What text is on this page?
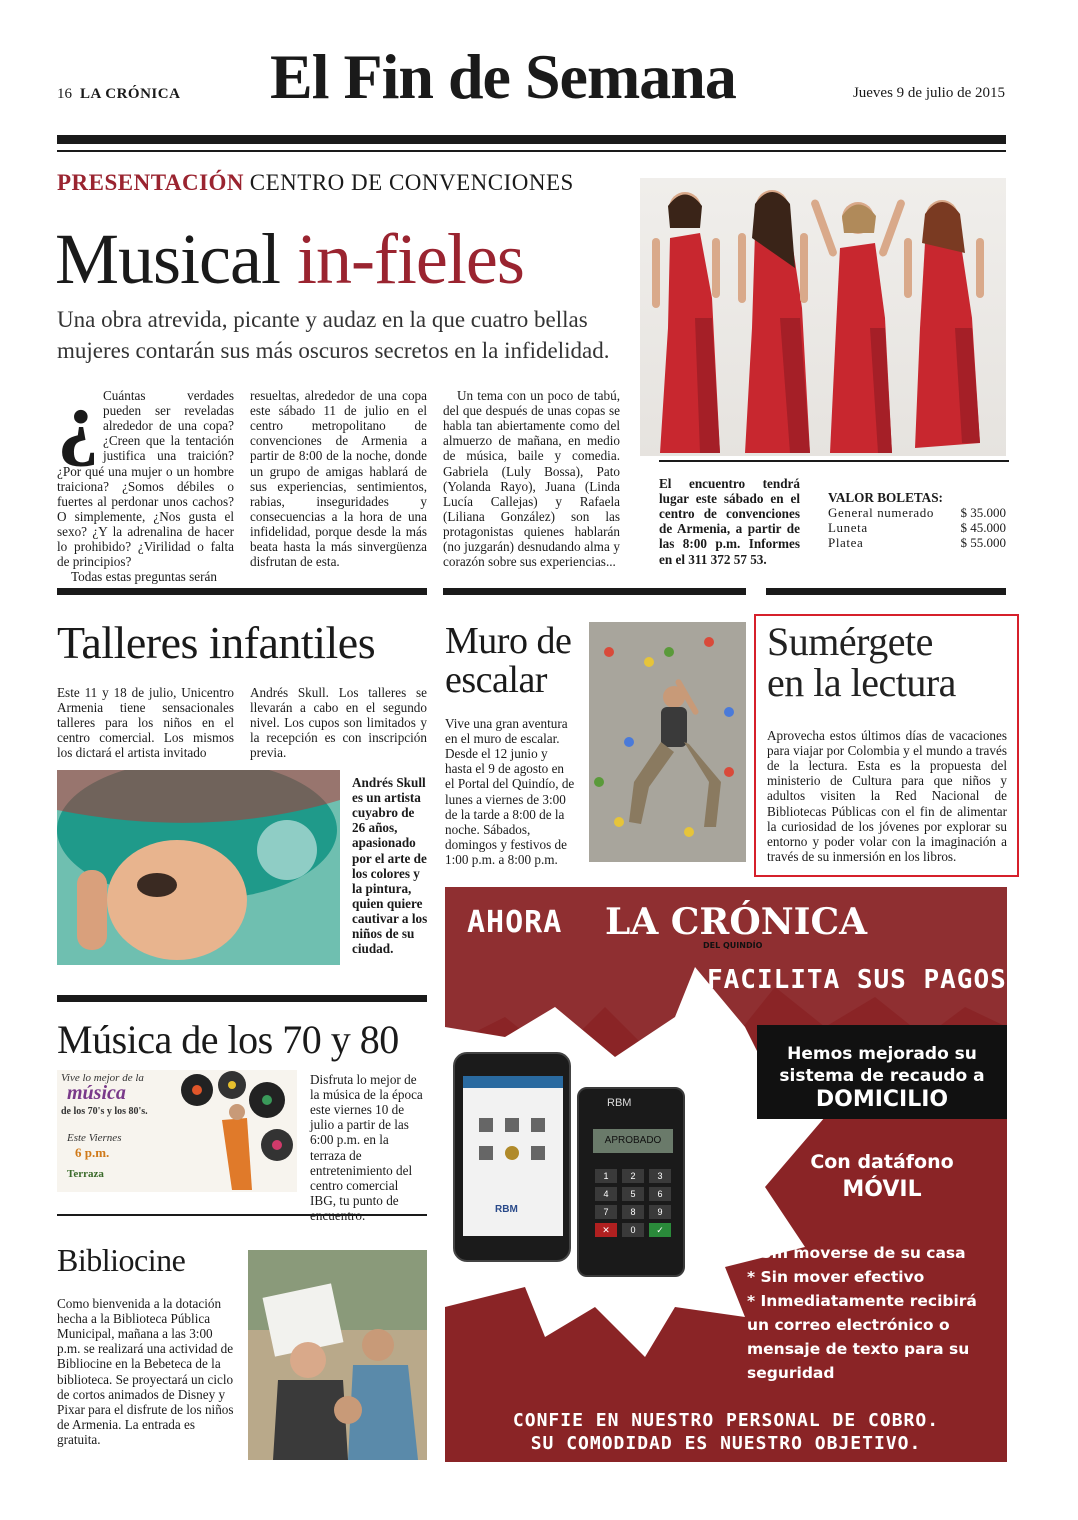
16 LA CRÓNICA El Fin de Semana	Jueves 9 de julio de 2015
PRESENTACIÓN CENTRO DE CONVENCIONES
Musical in-fieles
Una obra atrevida, picante y audaz en la que cuatro bellas mujeres contarán sus más oscuros secretos en la infidelidad.
¿ Cuántas verdades pueden ser reveladas alrededor de una copa? ¿Creen que la tentación justifica una traición? ¿Por qué una mujer o un hombre traiciona? ¿Somos débiles o fuertes al perdonar unos cachos? O simplemente, ¿Nos gusta el sexo? ¿Y la adrenalina de hacer lo prohibido? ¿Virilidad o falta de principios?
Todas estas preguntas serán
resueltas, alrededor de una copa este sábado 11 de julio en el centro metropolitano de convenciones de Armenia a partir de 8:00 de la noche, donde un grupo de amigas hablará de sus experiencias, sentimientos, rabias, inseguridades y consecuencias a la hora de una infidelidad, porque desde la más beata hasta la más sinvergüenza disfrutan de esta.
Un tema con un poco de tabú, del que después de unas copas se habla tan abiertamente como del almuerzo de mañana, en medio de música, baile y comedia. Gabriela (Luly Bossa), Pato (Yolanda Rayo), Juana (Linda Lucía Callejas) y Rafaela (Liliana González) son las protagonistas quienes hablarán (no juzgarán) desnudando alma y corazón sobre sus experiencias...
El encuentro tendrá lugar este sábado en el centro de convenciones de Armenia, a partir de las 8:00 p.m. Informes en el 311 372 57 53.
VALOR BOLETAS:
General numerado	$ 35.000
Luneta	$ 45.000
Platea	$ 55.000
Talleres infantiles
Este 11 y 18 de julio, Unicentro Armenia tiene sensacionales talleres para los niños en el centro comercial. Los mismos los dictará el artista invitado
Andrés Skull. Los talleres se llevarán a cabo en el segundo nivel. Los cupos son limitados y la recepción es con inscripción previa.
Andrés Skull es un artista cuyabro de 26 años, apasionado por el arte de los colores y la pintura, quien quiere cautivar a los niños de su ciudad.
Muro de
escalar
Vive una gran aventura en el muro de escalar.
Desde el 12 junio y hasta el 9 de agosto en el Portal del Quindío, de lunes a viernes de 3:00 de la tarde a 8:00 de la noche. Sábados, domingos y festivos de 1:00 p.m. a 8:00 p.m.
Sumérgete
en la lectura
Aprovecha estos últimos días de vacaciones para viajar por Colombia y el mundo a través de la lectura. Esta es la propuesta del ministerio de Cultura para que niños y adultos visiten la Red Nacional de Bibliotecas Públicas con el fin de alimentar la curiosidad de los jóvenes por explorar su entorno y poder volar con la imaginación a través de su inmersión en los libros.
Música de los 70 y 80
Vive lo mejor de la
música
de los 70's y los 80's.
Este Viernes
6 p.m.
Terraza
Disfruta lo mejor de la música de la época este viernes 10 de julio a partir de las 6:00 p.m. en la terraza de entretenimiento del centro comercial IBG, tu punto de
Bibliocine
Como bienvenida a la dotación hecha a la Biblioteca Pública Municipal, mañana a las 3:00 p.m. se realizará una actividad de Bibliocine en la Bebeteca de la biblioteca. Se proyectará un ciclo de cortos animados de Disney y Pixar para el disfrute de los niños de Armenia. La entrada es gratuita.
AHORA LA CRÓNICA
DEL QUINDÍO
FACILITA SUS PAGOS
Hemos mejorado su
sistema de recaudo a
DOMICILIO
Con datáfono
MÓVIL
RBM
RBM
APROBADO
1	2	3
4	5	6
7	8	9
✕	0	✓
* Sin moverse de su casa
* Sin mover efectivo
* Inmediatamente recibirá
un correo electrónico o mensaje de texto para su seguridad
CONFIE EN NUESTRO PERSONAL DE COBRO.
SU COMODIDAD ES NUESTRO OBJETIVO.
